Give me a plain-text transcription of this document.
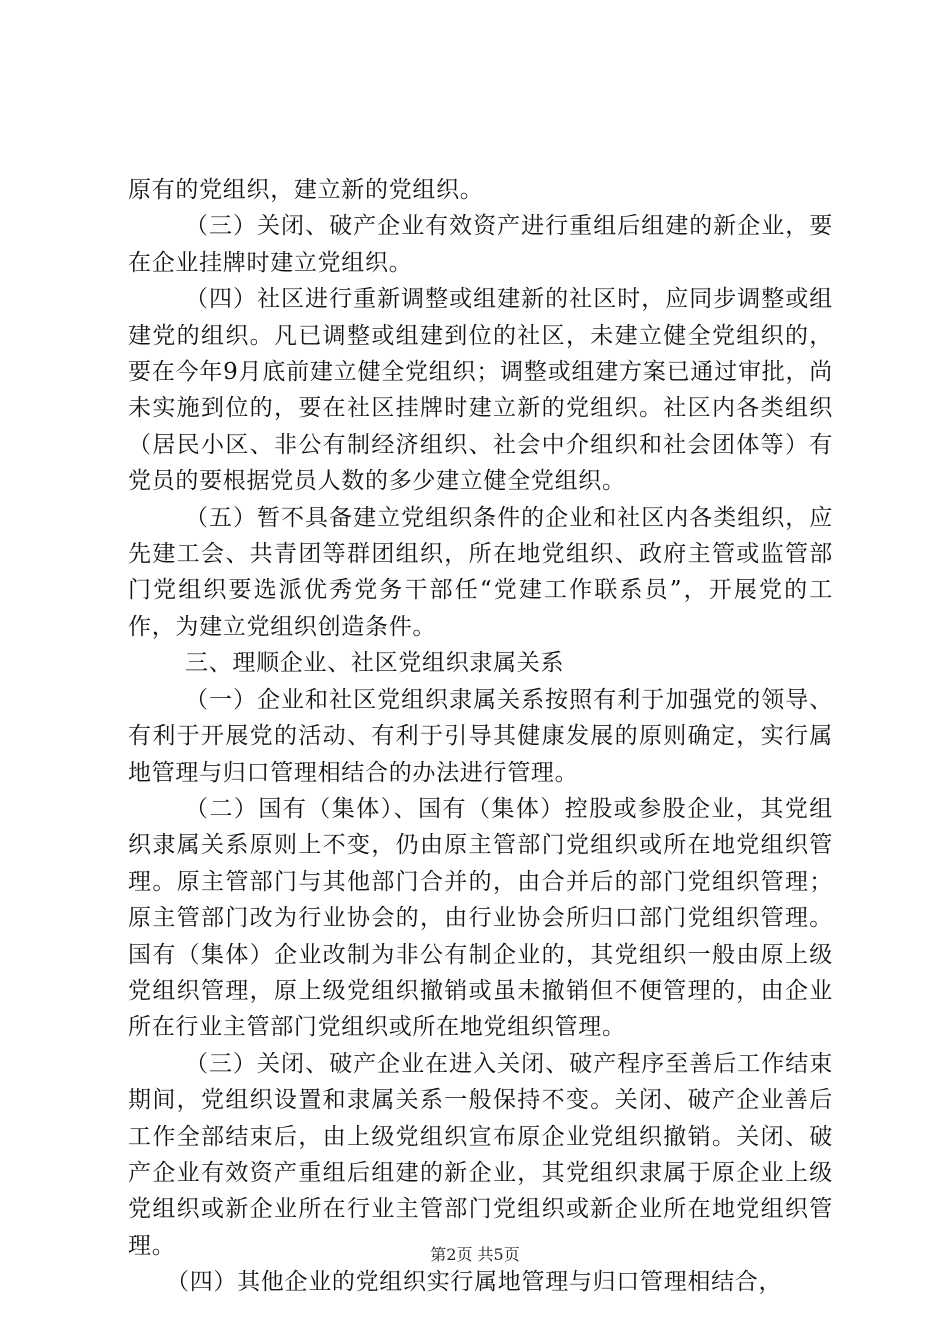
原有的党组织，建立新的党组织。

（三）关闭、破产企业有效资产进行重组后组建的新企业，要在企业挂牌时建立党组织。

（四）社区进行重新调整或组建新的社区时，应同步调整或组建党的组织。凡已调整或组建到位的社区，未建立健全党组织的，要在今年9月底前建立健全党组织；调整或组建方案已通过审批，尚未实施到位的，要在社区挂牌时建立新的党组织。社区内各类组织（居民小区、非公有制经济组织、社会中介组织和社会团体等）有党员的要根据党员人数的多少建立健全党组织。

（五）暂不具备建立党组织条件的企业和社区内各类组织，应先建工会、共青团等群团组织，所在地党组织、政府主管或监管部门党组织要选派优秀党务干部任“党建工作联系员”，开展党的工作，为建立党组织创造条件。

三、理顺企业、社区党组织隶属关系

（一）企业和社区党组织隶属关系按照有利于加强党的领导、有利于开展党的活动、有利于引导其健康发展的原则确定，实行属地管理与归口管理相结合的办法进行管理。

（二）国有（集体）、国有（集体）控股或参股企业，其党组织隶属关系原则上不变，仍由原主管部门党组织或所在地党组织管理。原主管部门与其他部门合并的，由合并后的部门党组织管理；原主管部门改为行业协会的，由行业协会所归口部门党组织管理。国有（集体）企业改制为非公有制企业的，其党组织一般由原上级党组织管理，原上级党组织撤销或虽未撤销但不便管理的，由企业所在行业主管部门党组织或所在地党组织管理。

（三）关闭、破产企业在进入关闭、破产程序至善后工作结束期间，党组织设置和隶属关系一般保持不变。关闭、破产企业善后工作全部结束后，由上级党组织宣布原企业党组织撤销。关闭、破产企业有效资产重组后组建的新企业，其党组织隶属于原企业上级党组织或新企业所在行业主管部门党组织或新企业所在地党组织管理。

（四）其他企业的党组织实行属地管理与归口管理相结合，

第2页 共5页
